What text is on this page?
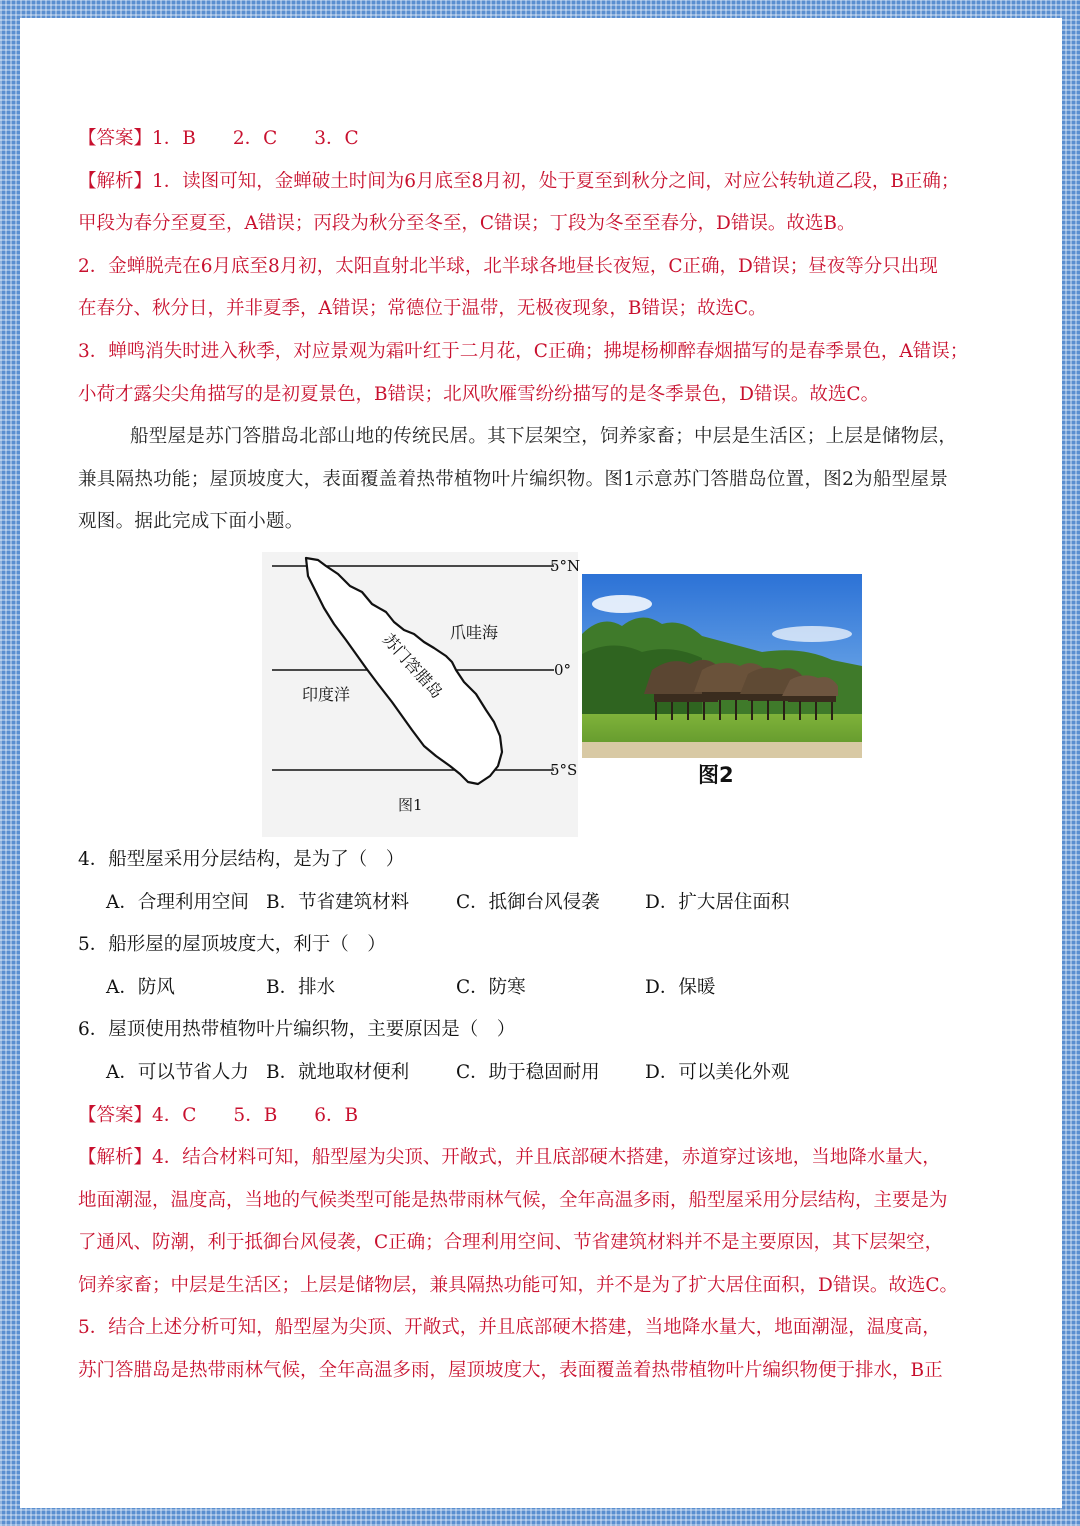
【答案】1．B　　2．C　　3．C
【解析】1．读图可知，金蝉破土时间为6月底至8月初，处于夏至到秋分之间，对应公转轨道乙段，B正确；
甲段为春分至夏至，A错误；丙段为秋分至冬至，C错误；丁段为冬至至春分，D错误。故选B。
2．金蝉脱壳在6月底至8月初，太阳直射北半球，北半球各地昼长夜短，C正确，D错误；昼夜等分只出现
在春分、秋分日，并非夏季，A错误；常德位于温带，无极夜现象，B错误；故选C。
3．蝉鸣消失时进入秋季，对应景观为霜叶红于二月花，C正确；拂堤杨柳醉春烟描写的是春季景色，A错误；
小荷才露尖尖角描写的是初夏景色，B错误；北风吹雁雪纷纷描写的是冬季景色，D错误。故选C。
船型屋是苏门答腊岛北部山地的传统民居。其下层架空，饲养家畜；中层是生活区；上层是储物层，
兼具隔热功能；屋顶坡度大，表面覆盖着热带植物叶片编织物。图1示意苏门答腊岛位置，图2为船型屋景
观图。据此完成下面小题。
5°N
0°
5°S
爪哇海
印度洋 苏门答腊岛
图1
图2
4．船型屋采用分层结构，是为了（　）
A．合理利用空间 B．节省建筑材料	C．抵御台风侵袭	D．扩大居住面积
5．船形屋的屋顶坡度大，利于（　）
A．防风	B．排水	C．防寒	D．保暖
6．屋顶使用热带植物叶片编织物，主要原因是（　）
A．可以节省人力 B．就地取材便利	C．助于稳固耐用	D．可以美化外观
【答案】4．C　　5．B　　6．B
【解析】4．结合材料可知，船型屋为尖顶、开敞式，并且底部硬木搭建，赤道穿过该地，当地降水量大，
地面潮湿，温度高，当地的气候类型可能是热带雨林气候，全年高温多雨，船型屋采用分层结构，主要是为
了通风、防潮，利于抵御台风侵袭，C正确；合理利用空间、节省建筑材料并不是主要原因，其下层架空，
饲养家畜；中层是生活区；上层是储物层，兼具隔热功能可知，并不是为了扩大居住面积，D错误。故选C。
5．结合上述分析可知，船型屋为尖顶、开敞式，并且底部硬木搭建，当地降水量大，地面潮湿，温度高，
苏门答腊岛是热带雨林气候，全年高温多雨，屋顶坡度大，表面覆盖着热带植物叶片编织物便于排水，B正
